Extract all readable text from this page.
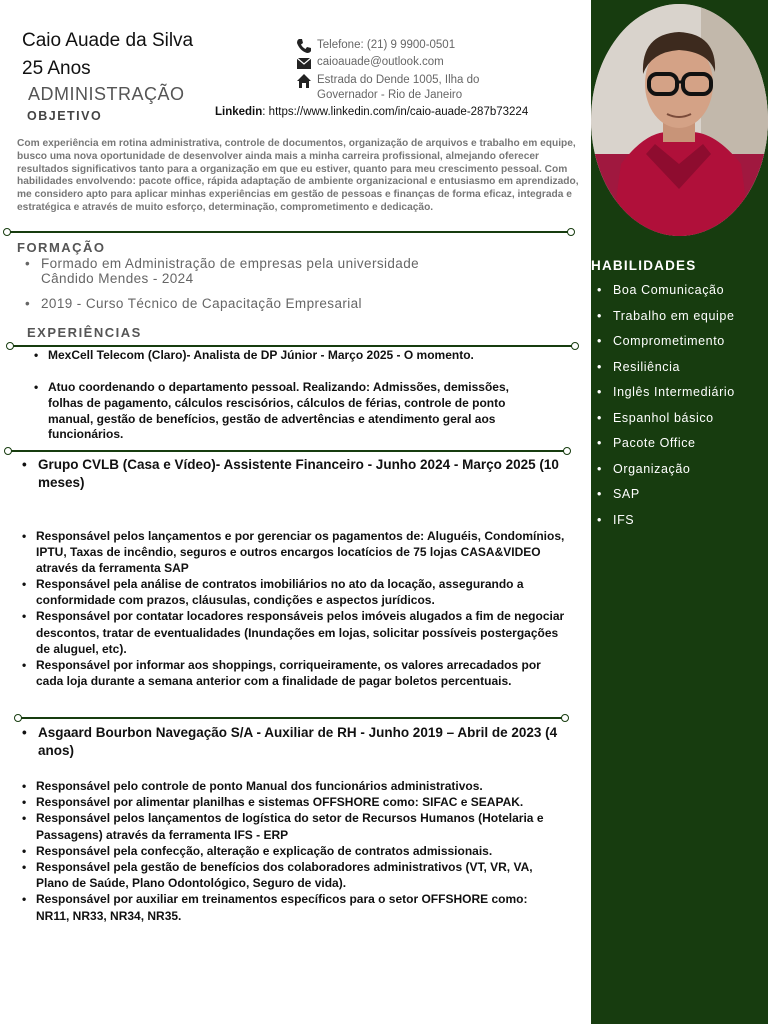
Caio Auade da Silva
25 Anos
ADMINISTRAÇÃO
OBJETIVO
Telefone: (21) 9 9900-0501
caioauade@outlook.com
Estrada do Dende 1005, Ilha do Governador - Rio de Janeiro
Linkedin: https://www.linkedin.com/in/caio-auade-287b73224

Com experiência em rotina administrativa, controle de documentos, organização de arquivos e trabalho em equipe, busco uma nova oportunidade de desenvolver ainda mais a minha carreira profissional, almejando oferecer resultados significativos tanto para a organização em que eu estiver, quanto para meu crescimento pessoal. Com habilidades envolvendo: pacote office, rápida adaptação de ambiente organizacional e entusiasmo em aprendizado, me considero apto para aplicar minhas experiências em gestão de pessoas e finanças de forma eficaz, integrada e estratégica e através de muito esforço, determinação, comprometimento e dedicação.

FORMAÇÃO
• Formado em Administração de empresas pela universidade Cândido Mendes - 2024
• 2019 - Curso Técnico de Capacitação Empresarial
EXPERIÊNCIAS
• MexCell Telecom (Claro)- Analista de DP Júnior - Março 2025 - O momento.
• Atuo coordenando o departamento pessoal. Realizando: Admissões, demissões, folhas de pagamento, cálculos rescisórios, cálculos de férias, controle de ponto manual, gestão de benefícios, gestão de advertências e atendimento geral aos funcionários.
• Grupo CVLB (Casa e Vídeo)- Assistente Financeiro - Junho 2024 - Março 2025 (10 meses)
• Responsável pelos lançamentos e por gerenciar os pagamentos de: Aluguéis, Condomínios, IPTU, Taxas de incêndio, seguros e outros encargos locatícios de 75 lojas CASA&VIDEO através da ferramenta SAP
• Responsável pela análise de contratos imobiliários no ato da locação, assegurando a conformidade com prazos, cláusulas, condições e aspectos jurídicos.
• Responsável por contatar locadores responsáveis pelos imóveis alugados a fim de negociar descontos, tratar de eventualidades (Inundações em lojas, solicitar possíveis postergações de aluguel, etc).
• Responsável por informar aos shoppings, corriqueiramente, os valores arrecadados por cada loja durante a semana anterior com a finalidade de pagar boletos percentuais.
• Asgaard Bourbon Navegação S/A - Auxiliar de RH - Junho 2019 – Abril de 2023 (4 anos)
• Responsável pelo controle de ponto Manual dos funcionários administrativos.
• Responsável por alimentar planilhas e sistemas OFFSHORE como: SIFAC e SEAPAK.
• Responsável pelos lançamentos de logística do setor de Recursos Humanos (Hotelaria e Passagens) através da ferramenta IFS - ERP
• Responsável pela confecção, alteração e explicação de contratos admissionais.
• Responsável pela gestão de benefícios dos colaboradores administrativos (VT, VR, VA, Plano de Saúde, Plano Odontológico, Seguro de vida).
• Responsável por auxiliar em treinamentos específicos para o setor OFFSHORE como: NR11, NR33, NR34, NR35.
HABILIDADES
• Boa Comunicação
• Trabalho em equipe
• Comprometimento
• Resiliência
• Inglês Intermediário
• Espanhol básico
• Pacote Office
• Organização
• SAP
• IFS
